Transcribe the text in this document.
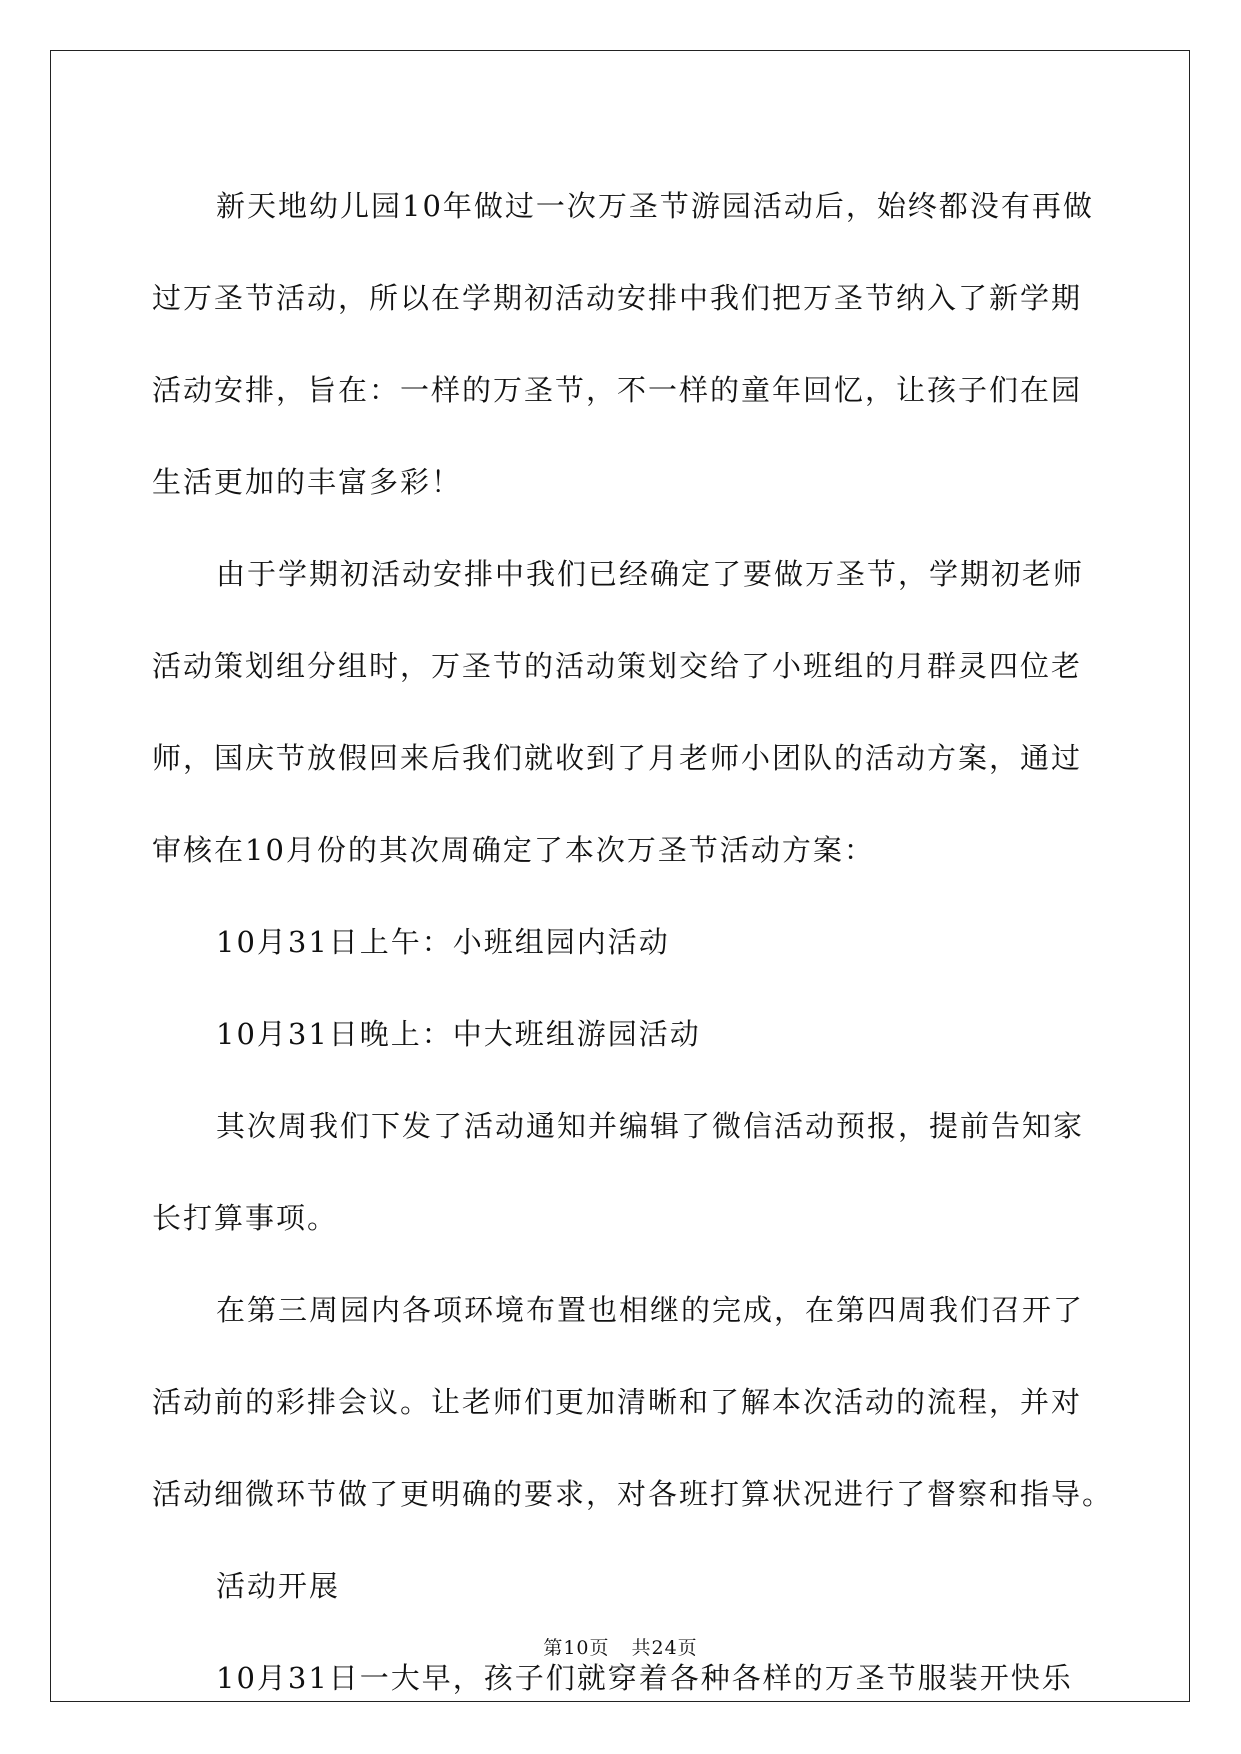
新天地幼儿园10年做过一次万圣节游园活动后，始终都没有再做

过万圣节活动，所以在学期初活动安排中我们把万圣节纳入了新学期

活动安排，旨在：一样的万圣节，不一样的童年回忆，让孩子们在园

生活更加的丰富多彩！

由于学期初活动安排中我们已经确定了要做万圣节，学期初老师

活动策划组分组时，万圣节的活动策划交给了小班组的月群灵四位老

师，国庆节放假回来后我们就收到了月老师小团队的活动方案，通过

审核在10月份的其次周确定了本次万圣节活动方案：

10月31日上午：小班组园内活动

10月31日晚上：中大班组游园活动

其次周我们下发了活动通知并编辑了微信活动预报，提前告知家

长打算事项。

在第三周园内各项环境布置也相继的完成，在第四周我们召开了

活动前的彩排会议。让老师们更加清晰和了解本次活动的流程，并对

活动细微环节做了更明确的要求，对各班打算状况进行了督察和指导。

活动开展

10月31日一大早，孩子们就穿着各种各样的万圣节服装开快乐

第10页 共24页
